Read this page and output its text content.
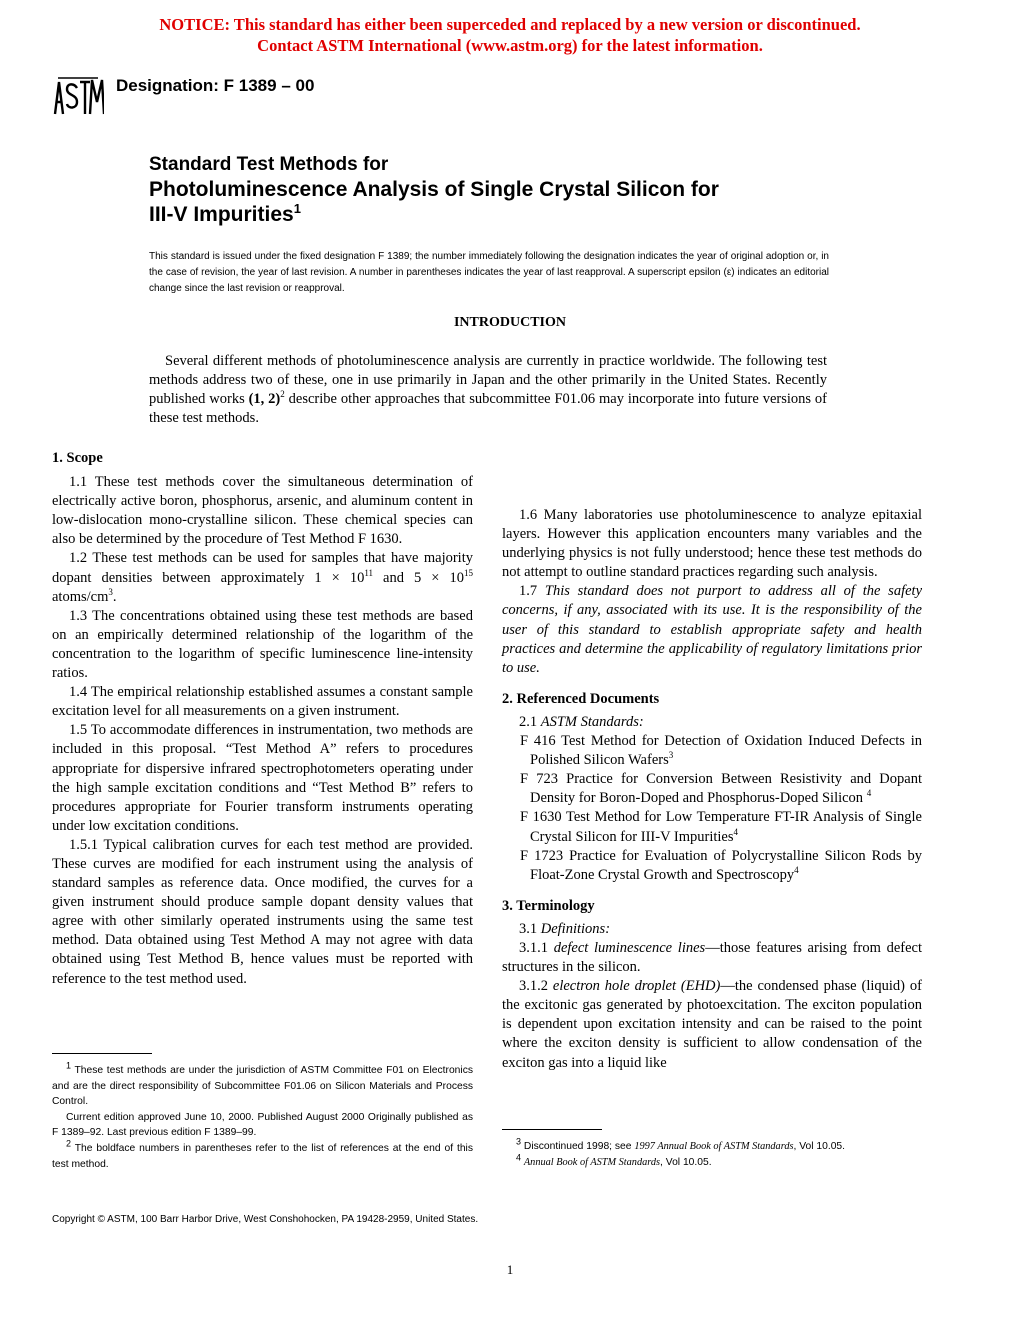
NOTICE: This standard has either been superceded and replaced by a new version or discontinued.
Contact ASTM International (www.astm.org) for the latest information.
Designation: F 1389 – 00
Standard Test Methods for
Photoluminescence Analysis of Single Crystal Silicon for
III-V Impurities$^1$
This standard is issued under the fixed designation F 1389; the number immediately following the designation indicates the year of original adoption or, in the case of revision, the year of last revision. A number in parentheses indicates the year of last reapproval. A superscript epsilon (ε) indicates an editorial change since the last revision or reapproval.
INTRODUCTION
Several different methods of photoluminescence analysis are currently in practice worldwide. The following test methods address two of these, one in use primarily in Japan and the other primarily in the United States. Recently published works (1, 2)$^2$ describe other approaches that subcommittee F01.06 may incorporate into future versions of these test methods.
1. Scope

1.1 These test methods cover the simultaneous determination of electrically active boron, phosphorus, arsenic, and aluminum content in low-dislocation mono-crystalline silicon. These chemical species can also be determined by the procedure of Test Method F 1630.

1.2 These test methods can be used for samples that have majority dopant densities between approximately $1 \times 10^{11}$ and $5 \times 10^{15}$ atoms/$cm^3$.

1.3 The concentrations obtained using these test methods are based on an empirically determined relationship of the logarithm of the concentration to the logarithm of specific luminescence line-intensity ratios.

1.4 The empirical relationship established assumes a constant sample excitation level for all measurements on a given instrument.

1.5 To accommodate differences in instrumentation, two methods are included in this proposal. “Test Method A” refers to procedures appropriate for dispersive infrared spectrophotometers operating under the high sample excitation conditions and “Test Method B” refers to procedures appropriate for Fourier transform instruments operating under low excitation conditions.

1.5.1 Typical calibration curves for each test method are provided. These curves are modified for each instrument using the analysis of standard samples as reference data. Once modified, the curves for a given instrument should produce sample dopant density values that agree with other similarly operated instruments using the same test method. Data obtained using Test Method A may not agree with data obtained using Test Method B, hence values must be reported with reference to the test method used.

1.6 Many laboratories use photoluminescence to analyze epitaxial layers. However this application encounters many variables and the underlying physics is not fully understood; hence these test methods do not attempt to outline standard practices regarding such analysis.

1.7 This standard does not purport to address all of the safety concerns, if any, associated with its use. It is the responsibility of the user of this standard to establish appropriate safety and health practices and determine the applicability of regulatory limitations prior to use.

2. Referenced Documents

2.1 ASTM Standards:

F 416 Test Method for Detection of Oxidation Induced Defects in Polished Silicon Wafers$^3$

F 723 Practice for Conversion Between Resistivity and Dopant Density for Boron-Doped and Phosphorus-Doped Silicon $^4$

F 1630 Test Method for Low Temperature FT-IR Analysis of Single Crystal Silicon for III-V Impurities$^4$

F 1723 Practice for Evaluation of Polycrystalline Silicon Rods by Float-Zone Crystal Growth and Spectroscopy$^4$

3. Terminology

3.1 Definitions:

3.1.1 defect luminescence lines—those features arising from defect structures in the silicon.

3.1.2 electron hole droplet (EHD)—the condensed phase (liquid) of the excitonic gas generated by photoexcitation. The exciton population is dependent upon excitation intensity and can be raised to the point where the exciton density is sufficient to allow condensation of the exciton gas into a liquid like

$^1$ These test methods are under the jurisdiction of ASTM Committee F01 on Electronics and are the direct responsibility of Subcommittee F01.06 on Silicon Materials and Process Control.

Current edition approved June 10, 2000. Published August 2000 Originally published as F 1389–92. Last previous edition F 1389–99.

$^2$ The boldface numbers in parentheses refer to the list of references at the end of this test method.

$^3$ Discontinued 1998; see 1997 Annual Book of ASTM Standards, Vol 10.05.

$^4$ Annual Book of ASTM Standards, Vol 10.05.

Copyright © ASTM, 100 Barr Harbor Drive, West Conshohocken, PA 19428-2959, United States.
1
